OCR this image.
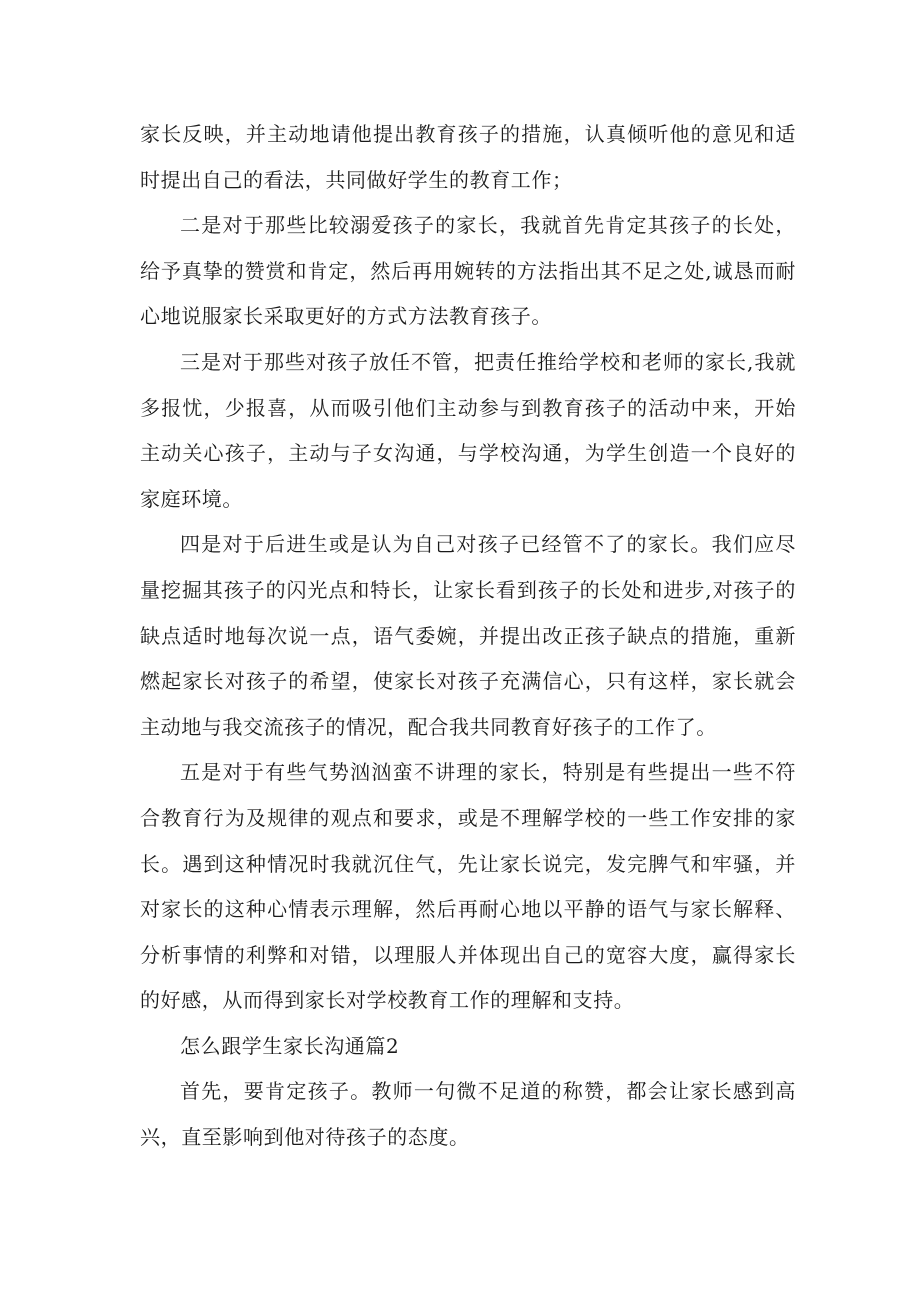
家长反映，并主动地请他提出教育孩子的措施，认真倾听他的意见和适时提出自己的看法，共同做好学生的教育工作；

二是对于那些比较溺爱孩子的家长，我就首先肯定其孩子的长处，给予真挚的赞赏和肯定，然后再用婉转的方法指出其不足之处,诚恳而耐心地说服家长采取更好的方式方法教育孩子。

三是对于那些对孩子放任不管，把责任推给学校和老师的家长,我就多报忧，少报喜，从而吸引他们主动参与到教育孩子的活动中来，开始主动关心孩子，主动与子女沟通，与学校沟通，为学生创造一个良好的家庭环境。

四是对于后进生或是认为自己对孩子已经管不了的家长。我们应尽量挖掘其孩子的闪光点和特长，让家长看到孩子的长处和进步,对孩子的缺点适时地每次说一点，语气委婉，并提出改正孩子缺点的措施，重新燃起家长对孩子的希望，使家长对孩子充满信心，只有这样，家长就会主动地与我交流孩子的情况，配合我共同教育好孩子的工作了。

五是对于有些气势汹汹蛮不讲理的家长，特别是有些提出一些不符合教育行为及规律的观点和要求，或是不理解学校的一些工作安排的家长。遇到这种情况时我就沉住气，先让家长说完，发完脾气和牢骚，并对家长的这种心情表示理解，然后再耐心地以平静的语气与家长解释、分析事情的利弊和对错，以理服人并体现出自己的宽容大度，赢得家长的好感，从而得到家长对学校教育工作的理解和支持。

怎么跟学生家长沟通篇2

首先，要肯定孩子。教师一句微不足道的称赞，都会让家长感到高兴，直至影响到他对待孩子的态度。
